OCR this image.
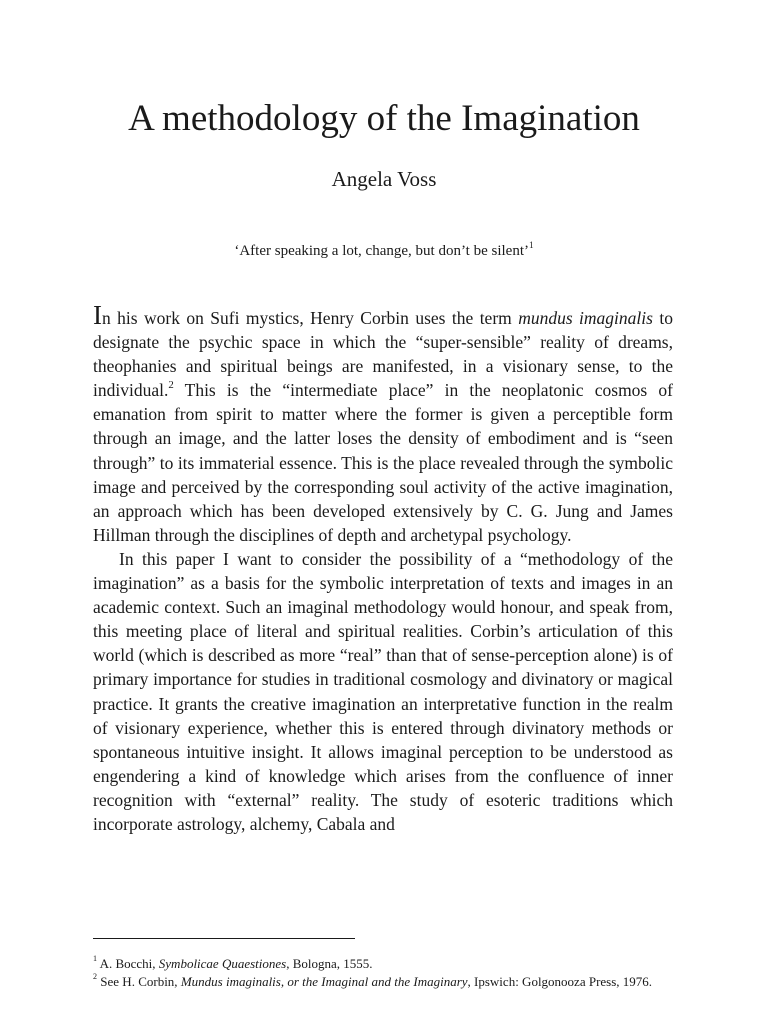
A methodology of the Imagination

Angela Voss

‘After speaking a lot, change, but don’t be silent’$^1$

In his work on Sufi mystics, Henry Corbin uses the term mundus imaginalis to designate the psychic space in which the “super-sensible” reality of dreams, theophanies and spiritual beings are manifested, in a visionary sense, to the individual.$^2$ This is the “intermediate place” in the neoplatonic cosmos of emanation from spirit to matter where the former is given a perceptible form through an image, and the latter loses the density of embodiment and is “seen through” to its immaterial essence. This is the place revealed through the symbolic image and perceived by the corresponding soul activity of the active imagination, an approach which has been developed extensively by C. G. Jung and James Hillman through the disciplines of depth and archetypal psychology.

In this paper I want to consider the possibility of a “methodology of the imagination” as a basis for the symbolic interpretation of texts and images in an academic context. Such an imaginal methodology would honour, and speak from, this meeting place of literal and spiritual realities. Corbin’s articulation of this world (which is described as more “real” than that of sense-perception alone) is of primary importance for studies in traditional cosmology and divinatory or magical practice. It grants the creative imagination an interpretative function in the realm of visionary experience, whether this is entered through divinatory methods or spontaneous intuitive insight. It allows imaginal perception to be understood as engendering a kind of knowledge which arises from the confluence of inner recognition with “external” reality. The study of esoteric traditions which incorporate astrology, alchemy, Cabala and

$^1$ A. Bocchi, Symbolicae Quaestiones, Bologna, 1555.

$^2$ See H. Corbin, Mundus imaginalis, or the Imaginal and the Imaginary, Ipswich: Golgonooza Press, 1976.
